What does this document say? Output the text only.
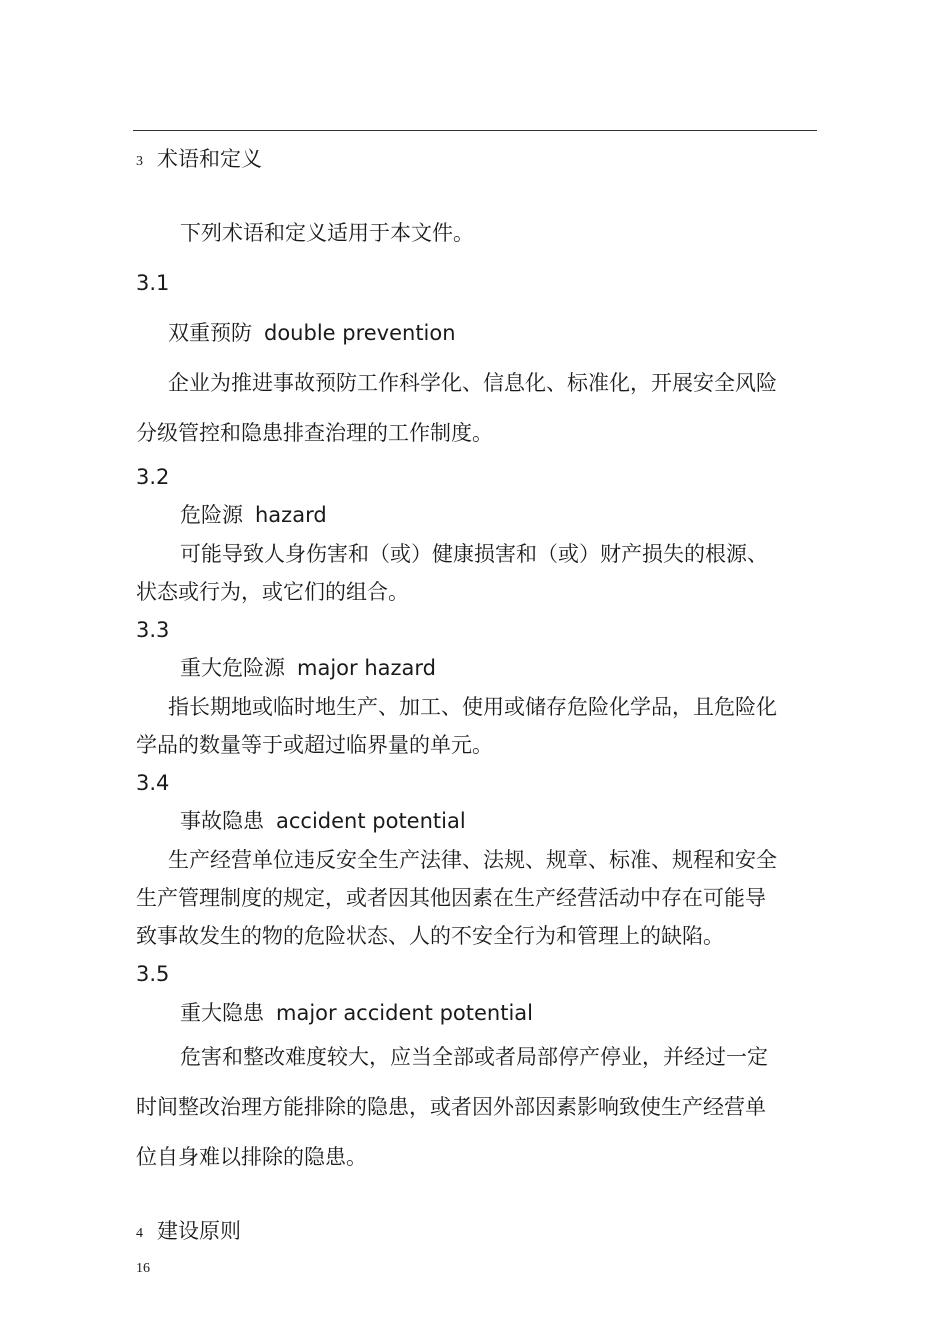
3 术语和定义
下列术语和定义适用于本文件。
3.1
双重预防 double prevention
企业为推进事故预防工作科学化、信息化、标准化，开展安全风险
分级管控和隐患排查治理的工作制度。
3.2
危险源 hazard
可能导致人身伤害和（或）健康损害和（或）财产损失的根源、
状态或行为，或它们的组合。
3.3
重大危险源 major hazard
指长期地或临时地生产、加工、使用或储存危险化学品，且危险化
学品的数量等于或超过临界量的单元。
3.4
事故隐患 accident potential
生产经营单位违反安全生产法律、法规、规章、标准、规程和安全
生产管理制度的规定，或者因其他因素在生产经营活动中存在可能导
致事故发生的物的危险状态、人的不安全行为和管理上的缺陷。
3.5
重大隐患 major accident potential
危害和整改难度较大，应当全部或者局部停产停业，并经过一定
时间整改治理方能排除的隐患，或者因外部因素影响致使生产经营单
位自身难以排除的隐患。
4 建设原则
16
